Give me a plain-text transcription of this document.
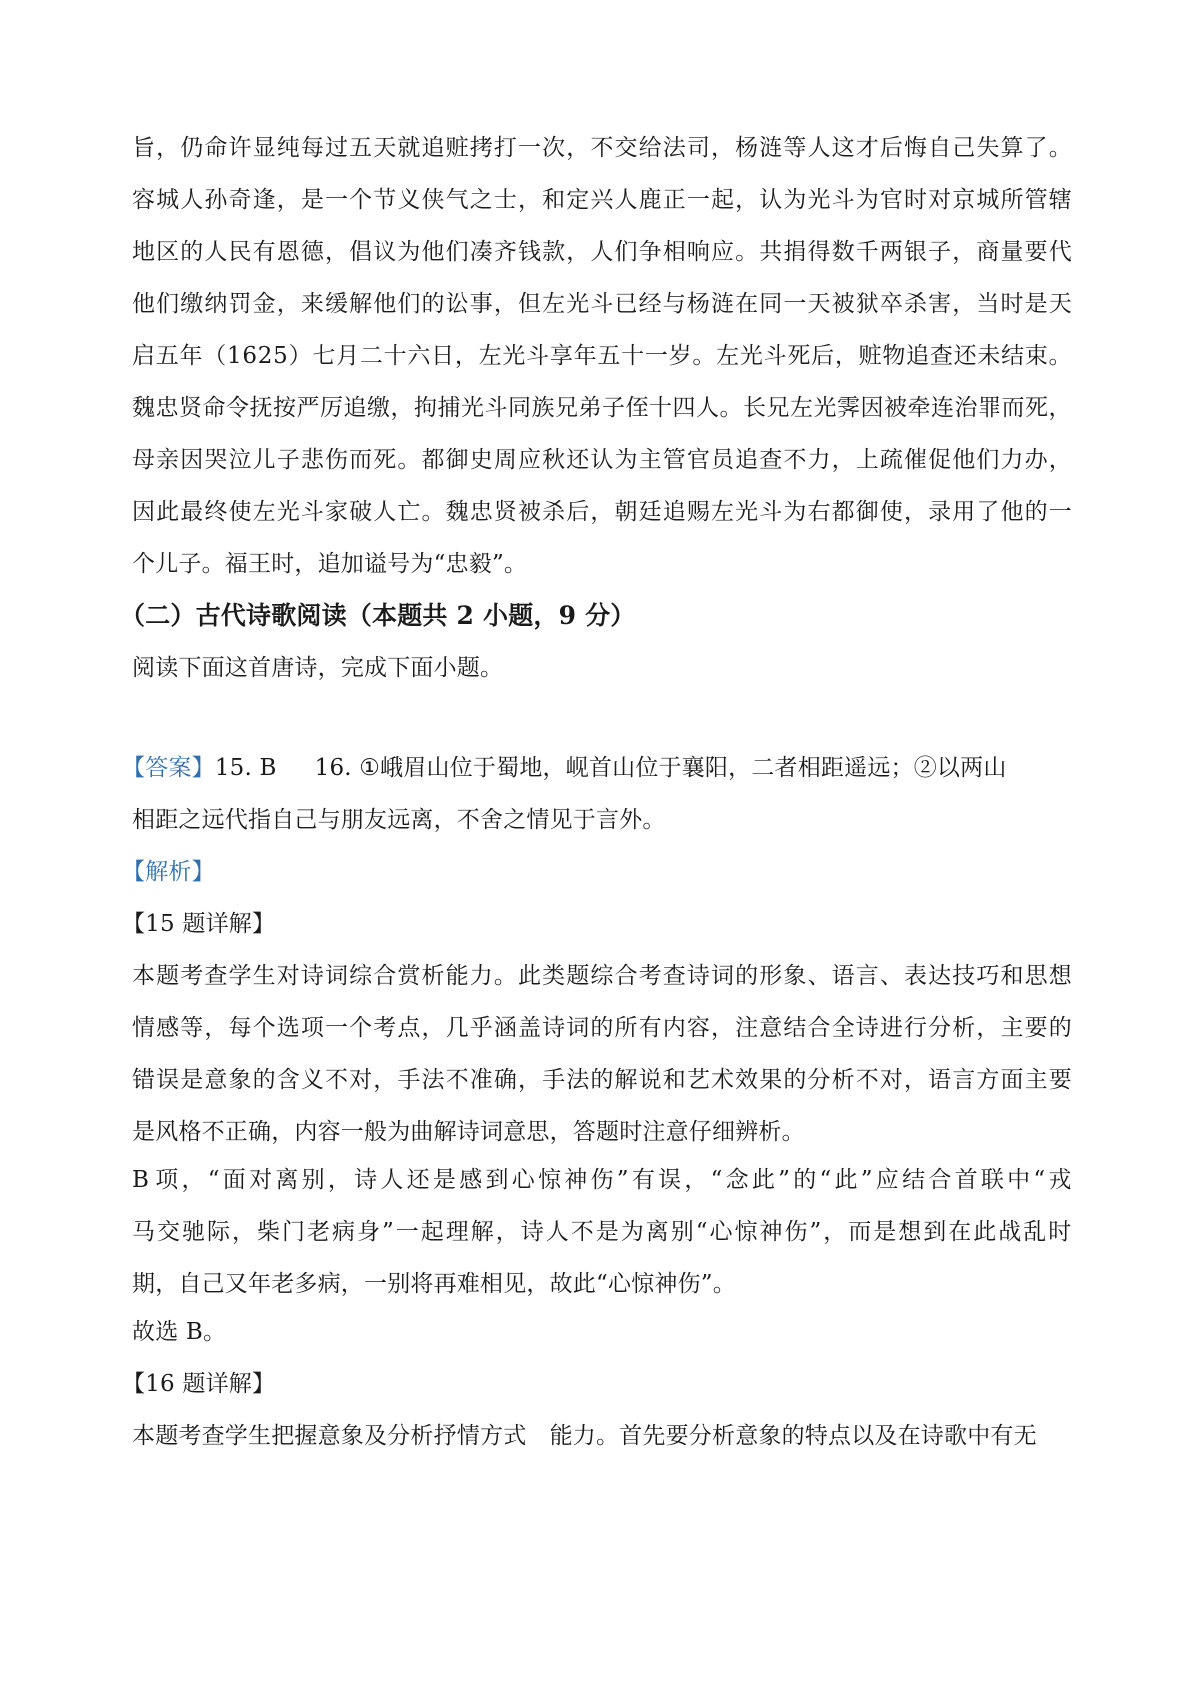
旨 ， 仍 命 许 显 纯 每 过 五 天 就 追 赃 拷 打 一 次 ， 不 交 给 法 司 ， 杨 涟 等 人 这 才 后 悔 自 己 失 算 了 。
容 城 人 孙 奇 逢 ， 是 一 个 节 义 侠 气 之 士 ， 和 定 兴 人 鹿 正 一 起 ， 认 为 光 斗 为 官 时 对 京 城 所 管 辖
地 区 的 人 民 有 恩 德 ， 倡 议 为 他 们 凑 齐 钱 款 ， 人 们 争 相 响 应 。 共 捐 得 数 千 两 银 子 ， 商 量 要 代
他 们 缴 纳 罚 金 ， 来 缓 解 他 们 的 讼 事 ， 但 左 光 斗 已 经 与 杨 涟 在 同 一 天 被 狱 卒 杀 害 ， 当 时 是 天
启 五 年 （ 1 6 2 5 ） 七 月 二 十 六 日 ， 左 光 斗 享 年 五 十 一 岁 。 左 光 斗 死 后 ， 赃 物 追 查 还 未 结 束 。
魏 忠 贤 命 令 抚 按 严 厉 追 缴 ， 拘 捕 光 斗 同 族 兄 弟 子 侄 十 四 人 。 长 兄 左 光 霁 因 被 牵 连 治 罪 而 死 ，
母 亲 因 哭 泣 儿 子 悲 伤 而 死 。 都 御 史 周 应 秋 还 认 为 主 管 官 员 追 查 不 力 ， 上 疏 催 促 他 们 力 办 ，
因 此 最 终 使 左 光 斗 家 破 人 亡 。 魏 忠 贤 被 杀 后 ， 朝 廷 追 赐 左 光 斗 为 右 都 御 使 ， 录 用 了 他 的 一
个儿子。福王时，追加谥号为“忠毅”。
（二）古代诗歌阅读（本题共 2 小题，9 分）
阅读下面这首唐诗，完成下面小题。
【答案】15. B 16. ①峨眉山位于蜀地，岘首山位于襄阳，二者相距遥远；②以两山
相距之远代指自己与朋友远离，不舍之情见于言外。
【解析】
【15 题详解】
本 题 考 查 学 生 对 诗 词 综 合 赏 析 能 力 。 此 类 题 综 合 考 查 诗 词 的 形 象 、 语 言 、 表 达 技 巧 和 思 想
情 感 等 ， 每 个 选 项 一 个 考 点 ， 几 乎 涵 盖 诗 词 的 所 有 内 容 ， 注 意 结 合 全 诗 进 行 分 析 ， 主 要 的
错 误 是 意 象 的 含 义 不 对 ， 手 法 不 准 确 ， 手 法 的 解 说 和 艺 术 效 果 的 分 析 不 对 ， 语 言 方 面 主 要
是风格不正确，内容一般为曲解诗词意思，答题时注意仔细辨析。
B 项 ， “ 面 对 离 别 ， 诗 人 还 是 感 到 心 惊 神 伤 ” 有 误 ， “ 念 此 ” 的 “ 此 ” 应 结 合 首 联 中 “ 戎
马 交 驰 际 ， 柴 门 老 病 身 ” 一 起 理 解 ， 诗 人 不 是 为 离 别 “ 心 惊 神 伤 ” ， 而 是 想 到 在 此 战 乱 时
期，自己又年老多病，一别将再难相见，故此“心惊神伤”。
故选 B。
【16 题详解】
本题考查学生把握意象及分析抒情方式　能力。首先要分析意象的特点以及在诗歌中有无
